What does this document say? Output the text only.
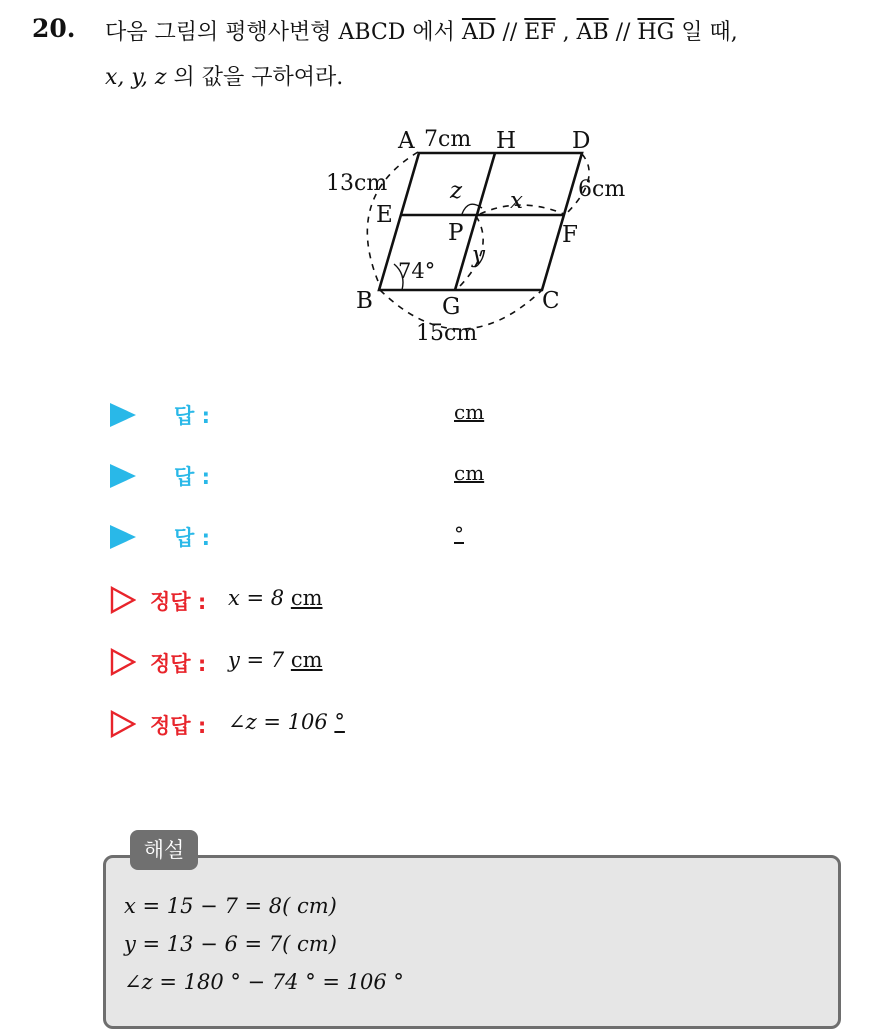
20. 다음 그림의 평행사변형 ABCD 에서 $\overline{AD} // \overline{EF}$ , $\overline{AB} // \overline{HG}$ 일 때,
x, y, z 의 값을 구하여라.
A	H D
E
P	F
B	G	C
7cm
13cm	6cm
15cm
74°
x
y
z
답 :	cm
답 :	cm
답 :	°
정답 : x = 8 cm
정답 : y = 7 cm
정답 : ∠z = 106 °
해설
x = 15 − 7 = 8( cm)
y = 13 − 6 = 7( cm)
∠z = 180 ° − 74 ° = 106 °
